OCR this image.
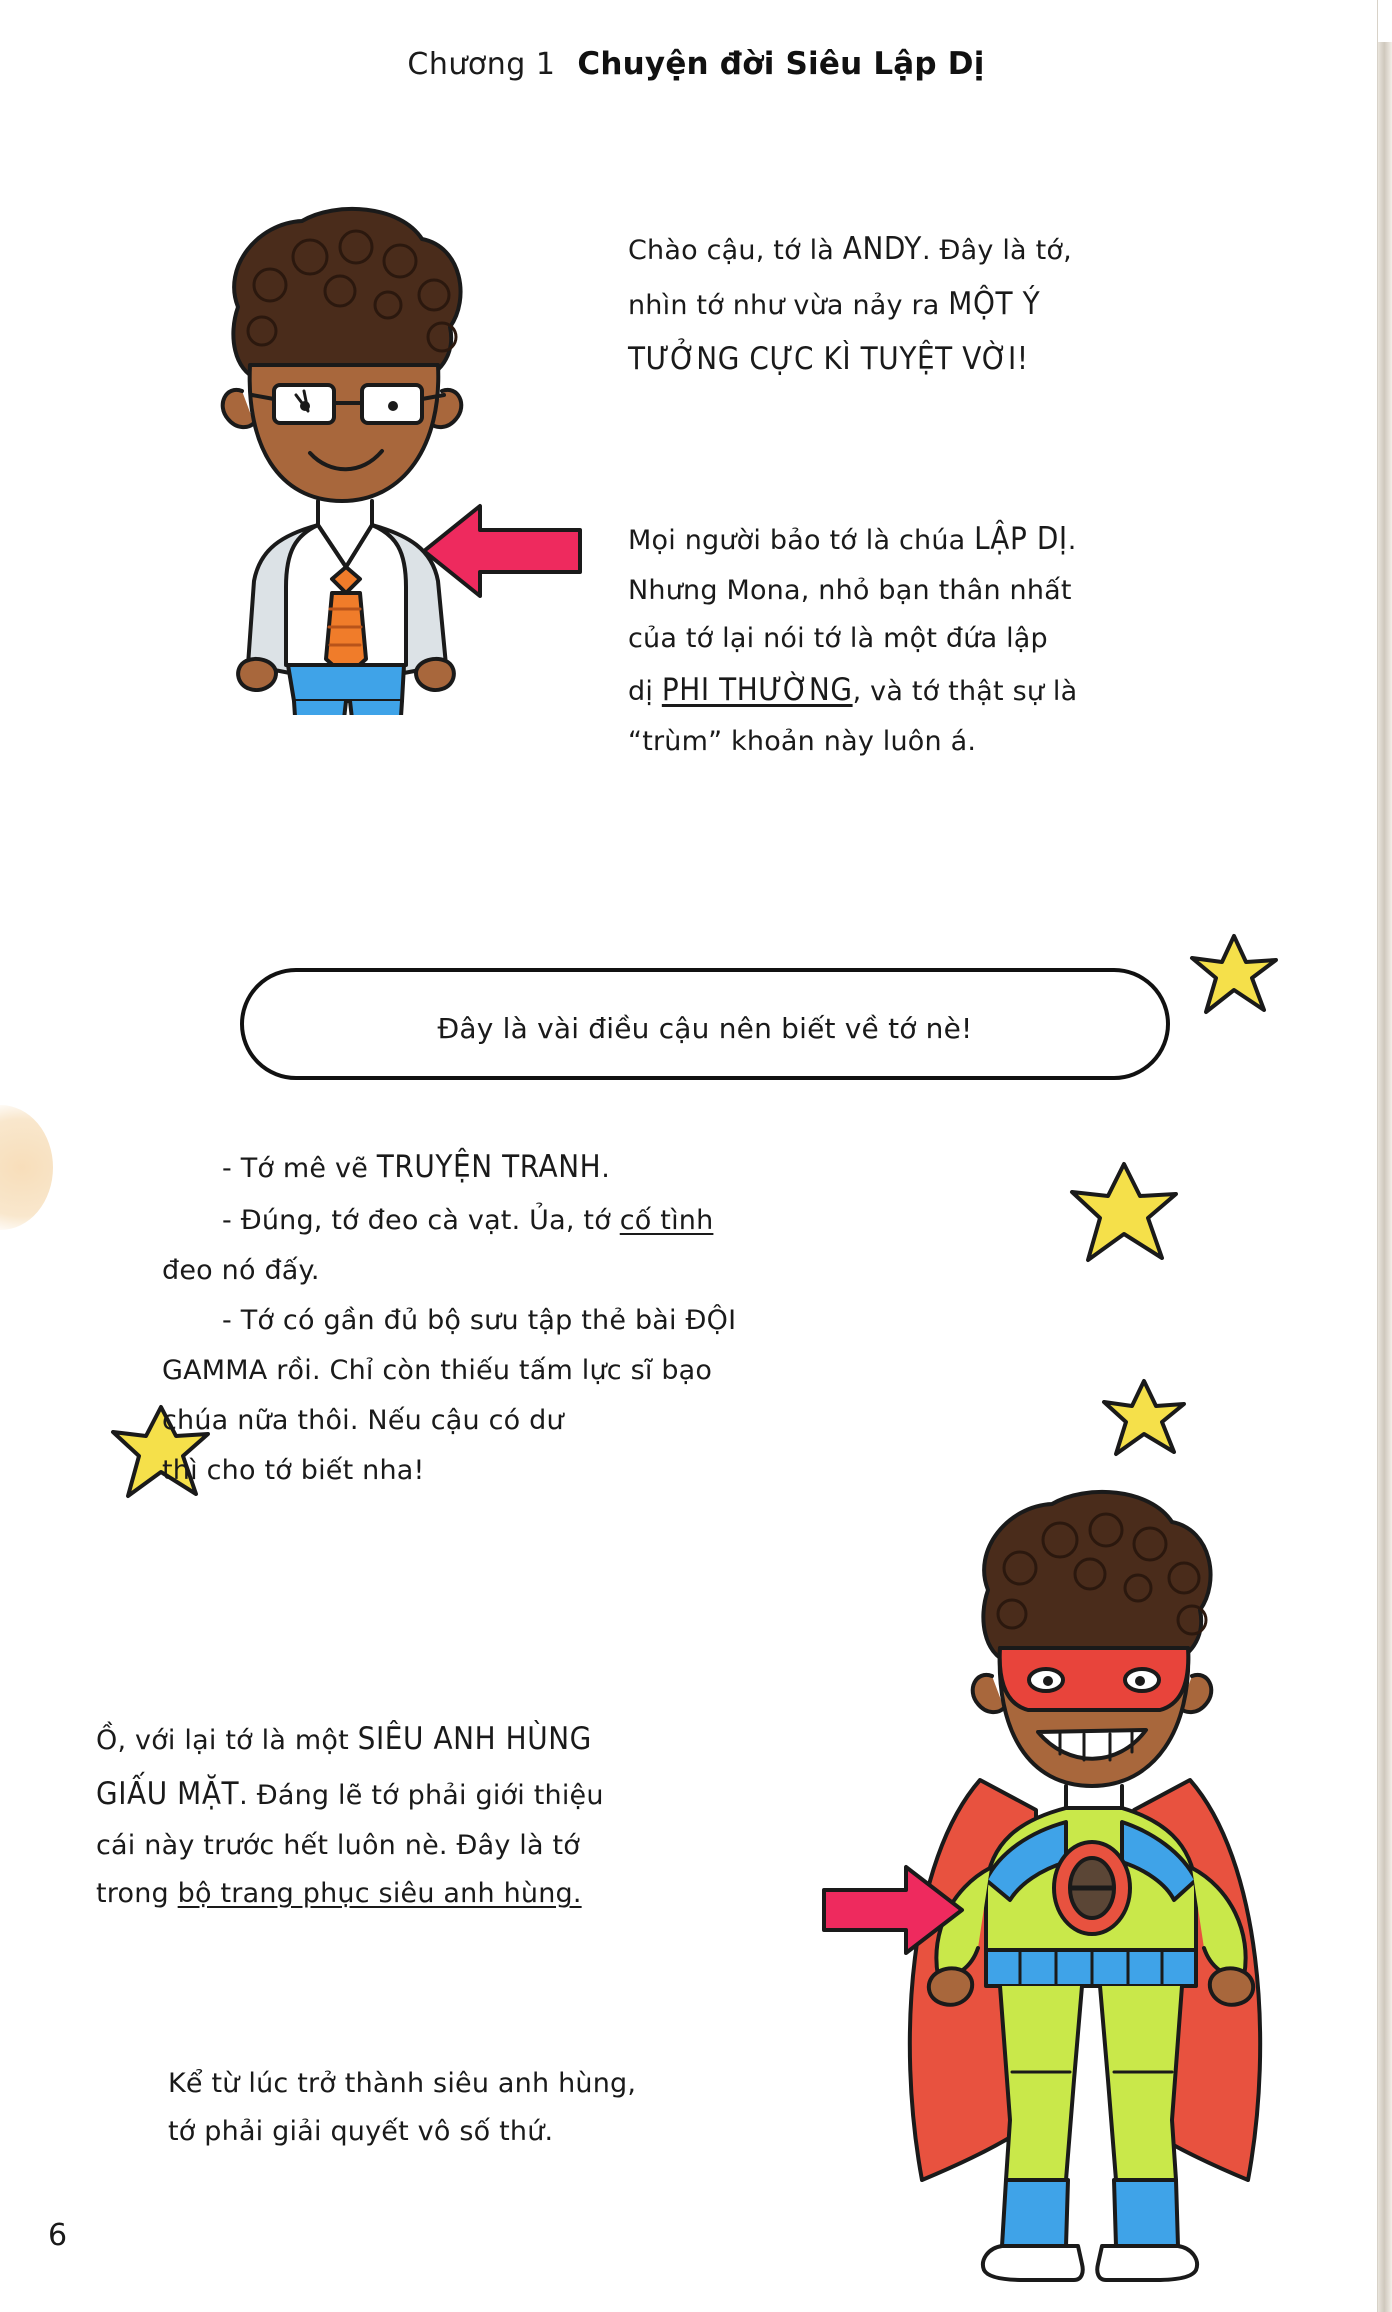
Chương 1 Chuyện đời Siêu Lập Dị
Chào cậu, tớ là ANDY. Đây là tớ,
nhìn tớ như vừa nảy ra MỘT Ý
TƯỞNG CỰC KÌ TUYỆT VỜI!
Mọi người bảo tớ là chúa LẬP DỊ.
Nhưng Mona, nhỏ bạn thân nhất
của tớ lại nói tớ là một đứa lập
dị PHI THƯỜNG, và tớ thật sự là
“trùm” khoản này luôn á.
Đây là vài điều cậu nên biết về tớ nè!
- Tớ mê vẽ TRUYỆN TRANH.
- Đúng, tớ đeo cà vạt. Ủa, tớ cố tình
đeo nó đấy.
- Tớ có gần đủ bộ sưu tập thẻ bài ĐỘI
GAMMA rồi. Chỉ còn thiếu tấm lực sĩ bạo
chúa nữa thôi. Nếu cậu có dư
thì cho tớ biết nha!
Ồ, với lại tớ là một SIÊU ANH HÙNG
GIẤU MẶT. Đáng lẽ tớ phải giới thiệu
cái này trước hết luôn nè. Đây là tớ
trong bộ trang phục siêu anh hùng.
Kể từ lúc trở thành siêu anh hùng,
tớ phải giải quyết vô số thứ.
6
